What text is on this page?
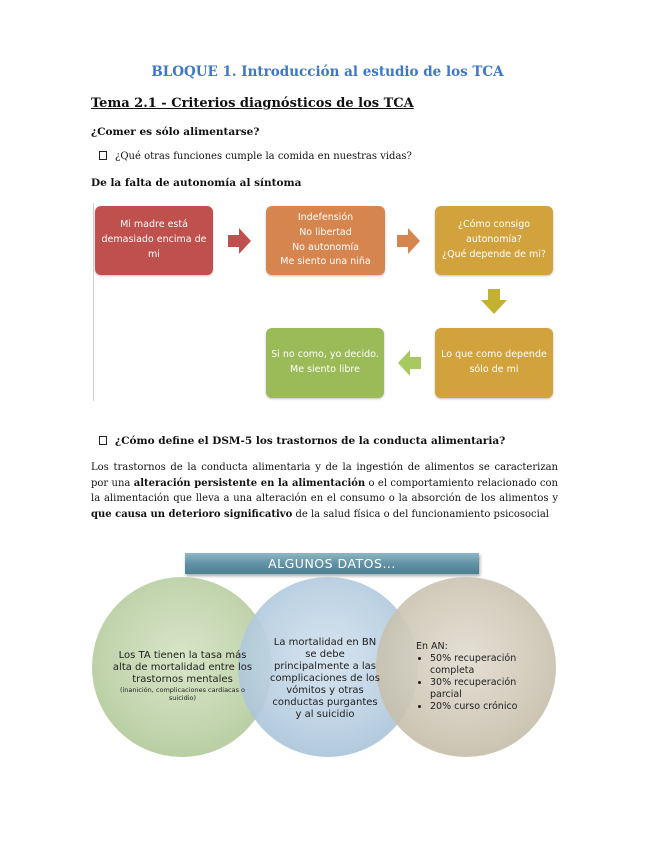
BLOQUE 1. Introducción al estudio de los TCA
Tema 2.1 - Criterios diagnósticos de los TCA
¿Comer es sólo alimentarse?
¿Qué otras funciones cumple la comida en nuestras vidas?
De la falta de autonomía al síntoma
Mi madre está
demasiado encima de mi
Indefensión
No libertad
No autonomía
Me siento una niña
¿Cómo consigo
autonomía?
¿Qué depende de mi?
Lo que como depende
sólo de mi
Si no como, yo decido.
Me siento libre
¿Cómo define el DSM-5 los trastornos de la conducta alimentaria?
Los trastornos de la conducta alimentaria y de la ingestión de alimentos se caracterizan por una alteración persistente en la alimentación o el comportamiento relacionado con la alimentación que lleva a una alteración en el consumo o la absorción de los alimentos y que causa un deterioro significativo de la salud física o del funcionamiento psicosocial
ALGUNOS DATOS...
Los TA tienen la tasa más alta de mortalidad entre los trastornos mentales
(inanición, complicaciones cardiacas o suicidio)
La mortalidad en BN se debe principalmente a las complicaciones de los vómitos y otras conductas purgantes y al suicidio
En AN:
• 50% recuperación completa
• 30% recuperación parcial
• 20% curso crónico
